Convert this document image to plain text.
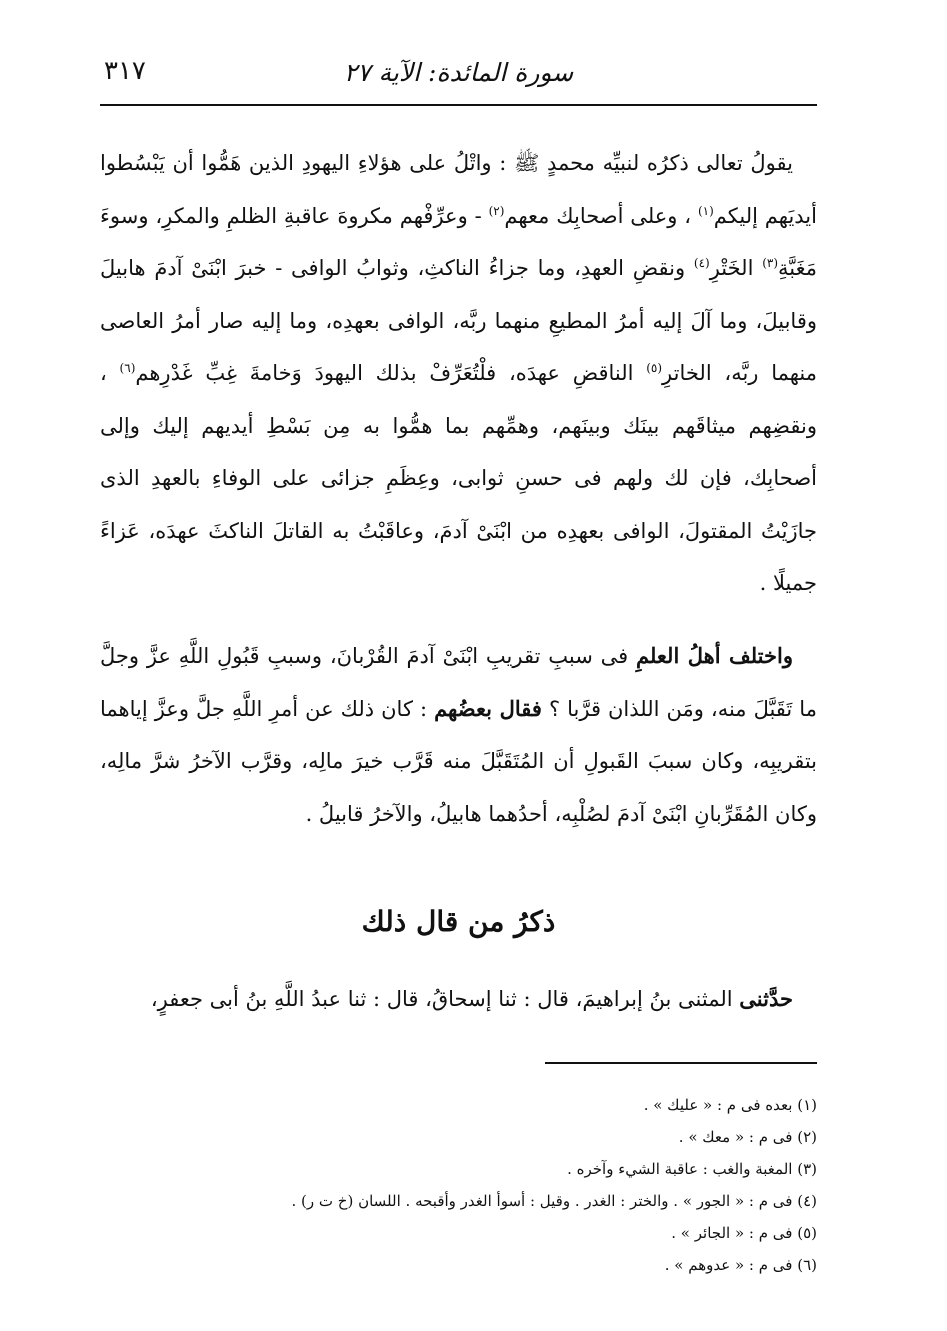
سورة المائدة: الآية ٢٧
٣١٧

يقولُ تعالى ذكرُه لنبيِّه محمدٍ ﷺ : واتْلُ على هؤلاءِ اليهودِ الذين هَمُّوا أن يَبْسُطوا أيديَهم إليكم$^{(١)}$ ، وعلى أصحابِك معهم$^{(٢)}$ - وعرِّفْهم مكروهَ عاقبةِ الظلمِ والمكرِ، وسوءَ مَغَبَّةِ$^{(٣)}$ الخَتْرِ$^{(٤)}$ ونقضِ العهدِ، وما جزاءُ الناكثِ، وثوابُ الوافى - خبرَ ابْنَىْ آدمَ هابيلَ وقابيلَ، وما آلَ إليه أمرُ المطيعِ منهما ربَّه، الوافى بعهدِه، وما إليه صار أمرُ العاصى منهما ربَّه، الخاترِ$^{(٥)}$ الناقضِ عهدَه، فلْتُعَرِّفْ بذلك اليهودَ وَخامةَ غِبِّ غَدْرِهم$^{(٦)}$ ، ونقضِهم ميثاقَهم بينَك وبينَهم، وهمِّهم بما همُّوا به مِن بَسْطِ أيديهم إليك وإلى أصحابِك، فإن لك ولهم فى حسنِ ثوابى، وعِظَمِ جزائى على الوفاءِ بالعهدِ الذى جازَيْتُ المقتولَ، الوافى بعهدِه من ابْنَىْ آدمَ، وعاقَبْتُ به القاتلَ الناكثَ عهدَه، عَزاءً جميلًا .

واختلف أهلُ العلمِ فى سببِ تقريبِ ابْنَىْ آدمَ القُرْبانَ، وسببِ قَبُولِ اللَّهِ عزَّ وجلَّ ما تَقَبَّلَ منه، ومَن اللذان قرَّبا ؟ فقال بعضُهم : كان ذلك عن أمرِ اللَّهِ جلَّ وعزَّ إياهما بتقريبِه، وكان سببَ القَبولِ أن المُتَقَبَّلَ منه قَرَّب خيرَ مالِه، وقرَّب الآخرُ شرَّ مالِه، وكان المُقَرِّبانِ ابْنَىْ آدمَ لصُلْبِه، أحدُهما هابيلُ، والآخرُ قابيلُ .

ذكرُ من قال ذلك
حدَّثنى المثنى بنُ إبراهيمَ، قال : ثنا إسحاقُ، قال : ثنا عبدُ اللَّهِ بنُ أبى جعفرٍ،
(١) بعده فى م : « عليك » .
(٢) فى م : « معك » .
(٣) المغبة والغب : عاقبة الشيء وآخره .
(٤) فى م : « الجور » . والختر : الغدر . وقيل : أسوأ الغدر وأقبحه . اللسان (خ ت ر) .
(٥) فى م : « الجائر » .
(٦) فى م : « عدوهم » .
